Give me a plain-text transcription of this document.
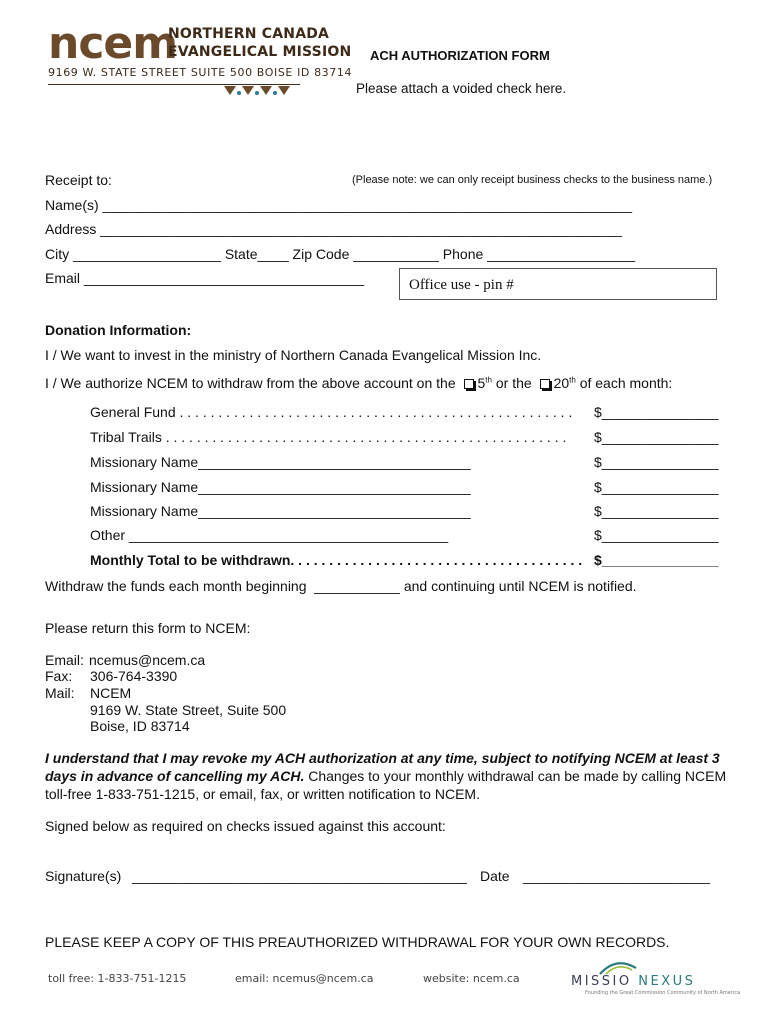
ncem
NORTHERN CANADA
EVANGELICAL MISSION
9169 W. STATE STREET SUITE 500 BOISE ID 83714
ACH AUTHORIZATION FORM
Please attach a voided check here.
Receipt to:	(Please note: we can only receipt business checks to the business name.)
Name(s) ____________________________________________________________________
Address ___________________________________________________________________
City ___________________ State____ Zip Code ___________ Phone ___________________
Email ____________________________________	Office use - pin #
Donation Information:
I / We want to invest in the ministry of Northern Canada Evangelical Mission Inc.
I / We authorize NCEM to withdraw from the above account on the 5th or the 20th of each month:
General Fund . . . . . . . . . . . . . . . . . . . . . . . . . . . . . . . . . . . . . . . . . . . . . . . . . . . $_______________
Tribal Trails . . . . . . . . . . . . . . . . . . . . . . . . . . . . . . . . . . . . . . . . . . . . . . . . . . . . $_______________
Missionary Name___________________________________	$_______________
Missionary Name___________________________________	$_______________
Missionary Name___________________________________	$_______________
Other _________________________________________	$_______________
Monthly Total to be withdrawn. . . . . . . . . . . . . . . . . . . . . . . . . . . . . . . . . . . . . . $_______________
Withdraw the funds each month beginning ___________ and continuing until NCEM is notified.
Please return this form to NCEM:
Email: ncemus@ncem.ca
Fax: 306-764-3390
Mail: NCEM
9169 W. State Street, Suite 500
Boise, ID 83714
I understand that I may revoke my ACH authorization at any time, subject to notifying NCEM at least 3
days in advance of cancelling my ACH. Changes to your monthly withdrawal can be made by calling NCEM
toll-free 1-833-751-1215, or email, fax, or written notification to NCEM.
Signed below as required on checks issued against this account:
Signature(s) ___________________________________________ Date ________________________
PLEASE KEEP A COPY OF THIS PREAUTHORIZED WITHDRAWAL FOR YOUR OWN RECORDS.
toll free: 1-833-751-1215	email: ncemus@ncem.ca	website: ncem.ca	MISSIO NEXUS
Founding the Great Commission Community of North America
